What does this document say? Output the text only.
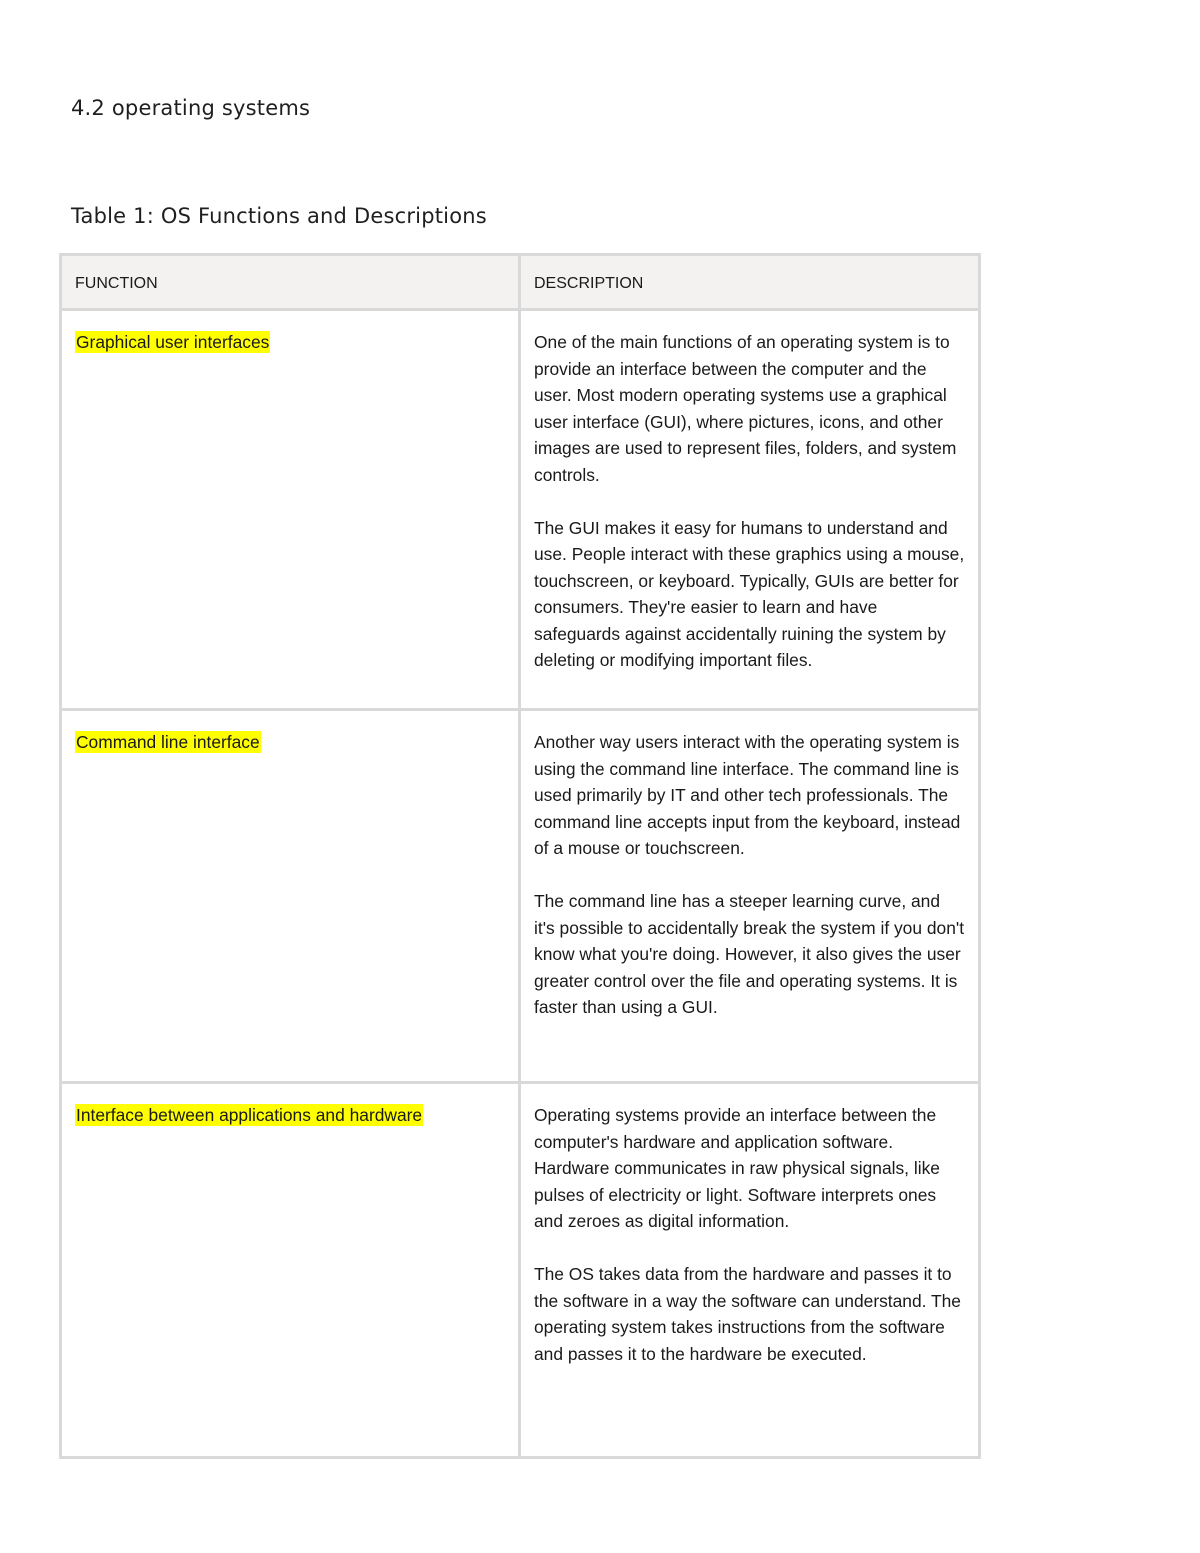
4.2 operating systems
Table 1: OS Functions and Descriptions
FUNCTION	DESCRIPTION
Graphical user interfaces	One of the main functions of an operating system is to provide an interface between the computer and the user. Most modern operating systems use a graphical user interface (GUI), where pictures, icons, and other images are used to represent files, folders, and system controls.

The GUI makes it easy for humans to understand and use. People interact with these graphics using a mouse, touchscreen, or keyboard. Typically, GUIs are better for consumers. They're easier to learn and have safeguards against accidentally ruining the system by deleting or modifying important files.

Command line interface	Another way users interact with the operating system is using the command line interface. The command line is used primarily by IT and other tech professionals. The command line accepts input from the keyboard, instead of a mouse or touchscreen.

The command line has a steeper learning curve, and it's possible to accidentally break the system if you don't know what you're doing. However, it also gives the user greater control over the file and operating systems. It is faster than using a GUI.

Interface between applications and hardware	Operating systems provide an interface between the computer's hardware and application software. Hardware communicates in raw physical signals, like pulses of electricity or light. Software interprets ones and zeroes as digital information.

The OS takes data from the hardware and passes it to the software in a way the software can understand. The operating system takes instructions from the software and passes it to the hardware be executed.
